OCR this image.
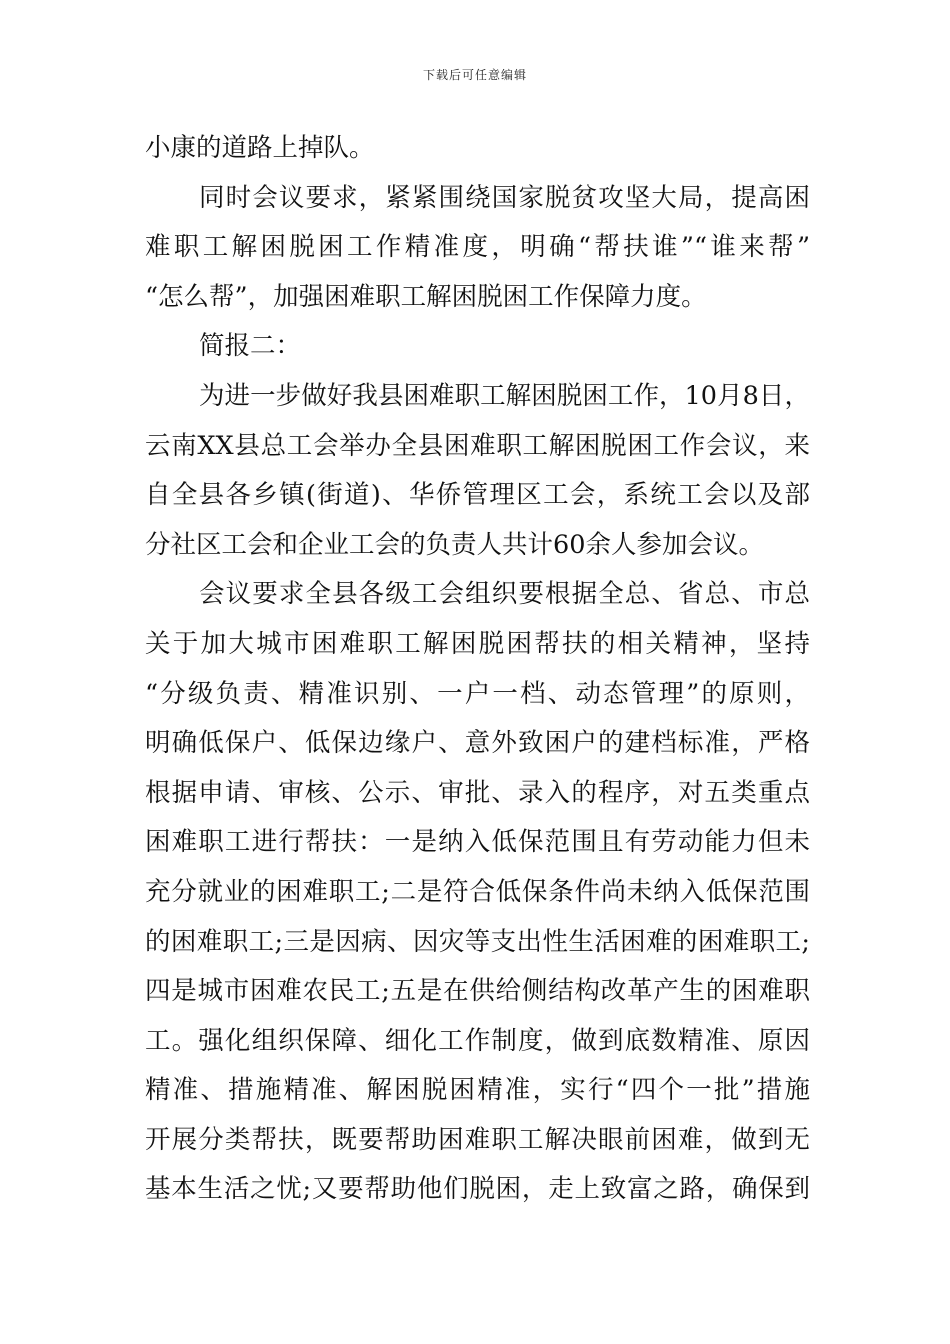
下载后可任意编辑
小康的道路上掉队。
同时会议要求，紧紧围绕国家脱贫攻坚大局，提高困
难职工解困脱困工作精准度，明确“帮扶谁”“谁来帮”
“怎么帮”，加强困难职工解困脱困工作保障力度。
简报二：
为进一步做好我县困难职工解困脱困工作，10月8日，
云南XX县总工会举办全县困难职工解困脱困工作会议，来
自全县各乡镇(街道)、华侨管理区工会，系统工会以及部
分社区工会和企业工会的负责人共计60余人参加会议。
会议要求全县各级工会组织要根据全总、省总、市总
关于加大城市困难职工解困脱困帮扶的相关精神，坚持
“分级负责、精准识别、一户一档、动态管理”的原则，
明确低保户、低保边缘户、意外致困户的建档标准，严格
根据申请、审核、公示、审批、录入的程序，对五类重点
困难职工进行帮扶：一是纳入低保范围且有劳动能力但未
充分就业的困难职工;二是符合低保条件尚未纳入低保范围
的困难职工;三是因病、因灾等支出性生活困难的困难职工;
四是城市困难农民工;五是在供给侧结构改革产生的困难职
工。强化组织保障、细化工作制度，做到底数精准、原因
精准、措施精准、解困脱困精准，实行“四个一批”措施
开展分类帮扶，既要帮助困难职工解决眼前困难，做到无
基本生活之忧;又要帮助他们脱困，走上致富之路，确保到
